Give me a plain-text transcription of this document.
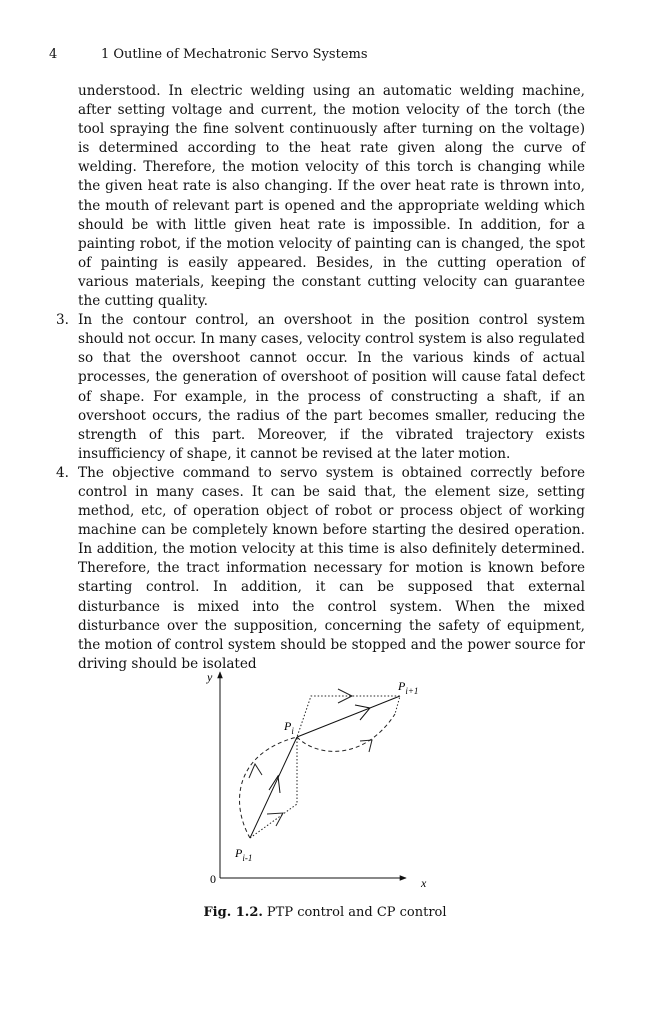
4	1 Outline of Mechatronic Servo Systems
understood. In electric welding using an automatic welding machine, after setting voltage and current, the motion velocity of the torch (the tool spraying the fine solvent continuously after turning on the voltage) is determined according to the heat rate given along the curve of welding. Therefore, the motion velocity of this torch is changing while the given heat rate is also changing. If the over heat rate is thrown into, the mouth of relevant part is opened and the appropriate welding which should be with little given heat rate is impossible. In addition, for a painting robot, if the motion velocity of painting can is changed, the spot of painting is easily appeared. Besides, in the cutting operation of various materials, keeping the constant cutting velocity can guarantee the cutting quality.
3. In the contour control, an overshoot in the position control system should not occur. In many cases, velocity control system is also regulated so that the overshoot cannot occur. In the various kinds of actual processes, the generation of overshoot of position will cause fatal defect of shape. For example, in the process of constructing a shaft, if an overshoot occurs, the radius of the part becomes smaller, reducing the strength of this part. Moreover, if the vibrated trajectory exists insufficiency of shape, it cannot be revised at the later motion.
4. The objective command to servo system is obtained correctly before control in many cases. It can be said that, the element size, setting method, etc, of operation object of robot or process object of working machine can be completely known before starting the desired operation. In addition, the motion velocity at this time is also definitely determined. Therefore, the tract information necessary for motion is known before starting control. In addition, it can be supposed that external disturbance is mixed into the control system. When the mixed disturbance over the supposition, concerning the safety of equipment, the motion of control system should be stopped and the power source for driving should be isolated
y
x
0
$P_{i-1}$
$P_i$
$P_{i+1}$
Fig. 1.2. PTP control and CP control
